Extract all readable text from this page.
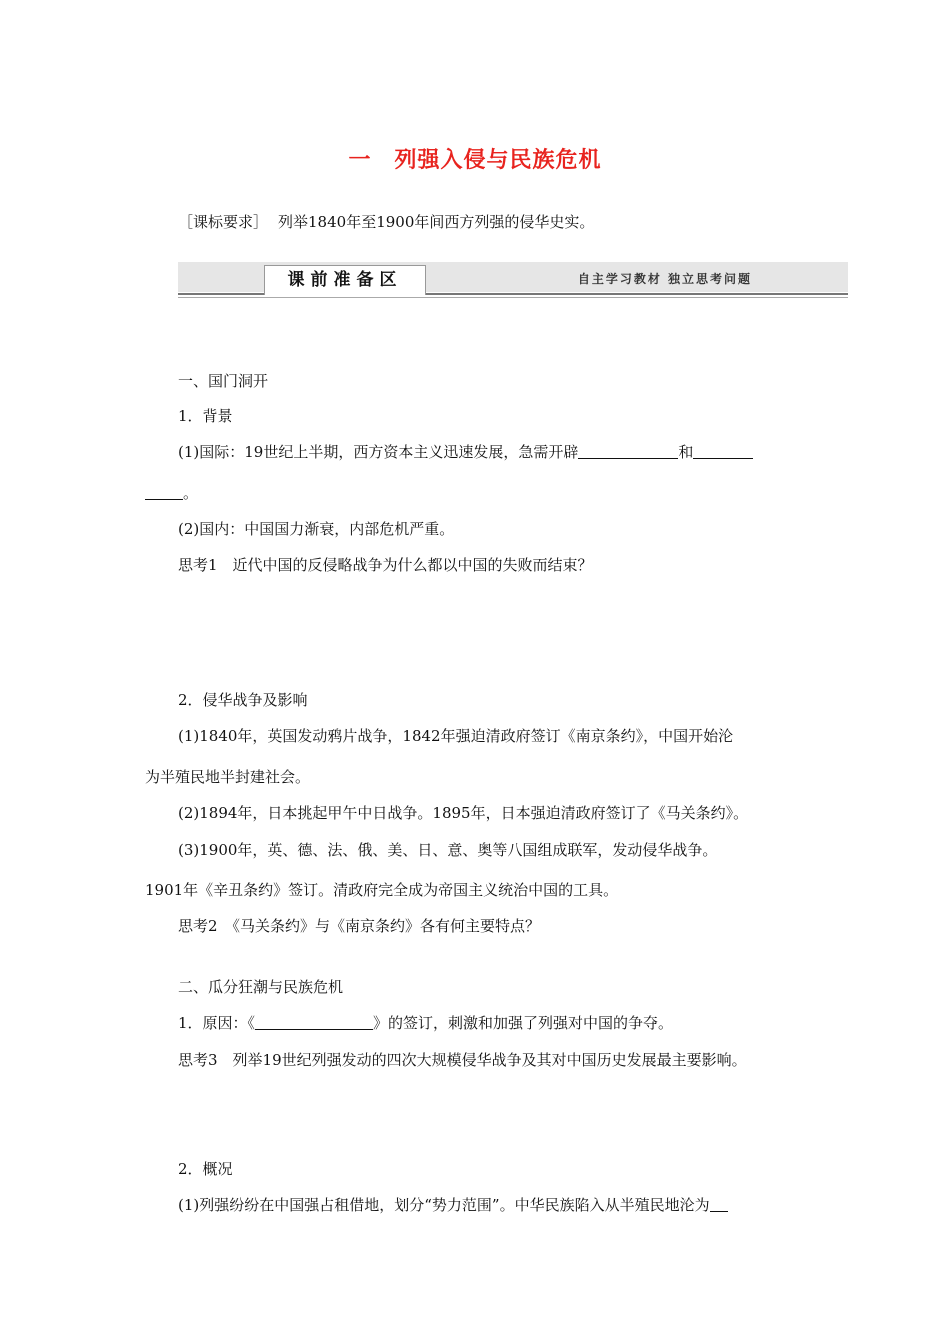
一　列强入侵与民族危机
［课标要求］ 列举1840年至1900年间西方列强的侵华史实。
课前准备区	自主学习教材 独立思考问题
一、国门洞开
1．背景
(1)国际：19世纪上半期，西方资本主义迅速发展，急需开辟	和
。
(2)国内：中国国力渐衰，内部危机严重。
思考1　近代中国的反侵略战争为什么都以中国的失败而结束？
2．侵华战争及影响
(1)1840年，英国发动鸦片战争，1842年强迫清政府签订《南京条约》，中国开始沦
为半殖民地半封建社会。
(2)1894年，日本挑起甲午中日战争。1895年，日本强迫清政府签订了《马关条约》。
(3)1900年，英、德、法、俄、美、日、意、奥等八国组成联军，发动侵华战争。
1901年《辛丑条约》签订。清政府完全成为帝国主义统治中国的工具。
思考2　《马关条约》与《南京条约》各有何主要特点？
二、瓜分狂潮与民族危机
1．原因：《	》的签订，刺激和加强了列强对中国的争夺。
思考3　列举19世纪列强发动的四次大规模侵华战争及其对中国历史发展最主要影响。
2．概况
(1)列强纷纷在中国强占租借地，划分“势力范围”。中华民族陷入从半殖民地沦为
